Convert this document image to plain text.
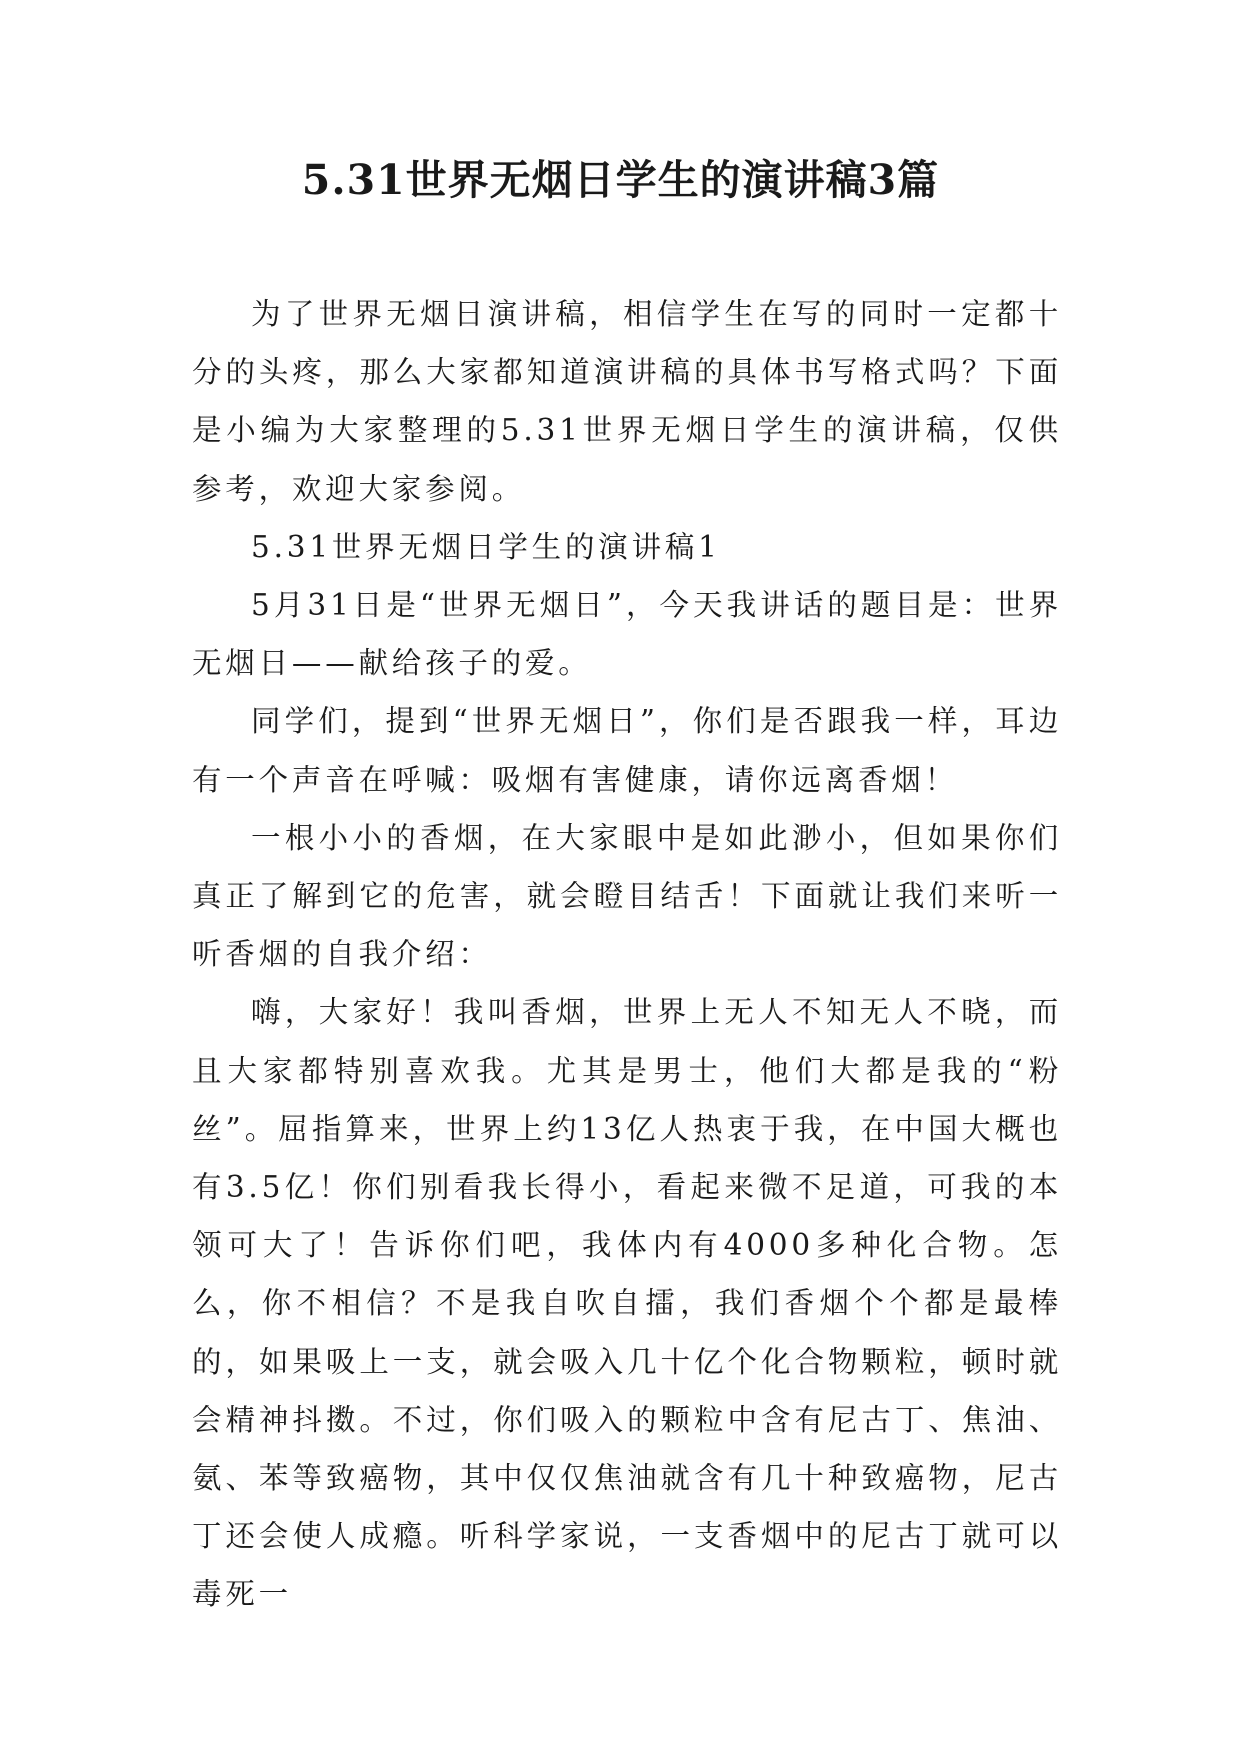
5.31世界无烟日学生的演讲稿3篇

为了世界无烟日演讲稿，相信学生在写的同时一定都十分的头疼，那么大家都知道演讲稿的具体书写格式吗？下面是小编为大家整理的5.31世界无烟日学生的演讲稿，仅供参考，欢迎大家参阅。

5.31世界无烟日学生的演讲稿1

5月31日是“世界无烟日”，今天我讲话的题目是：世界无烟日——献给孩子的爱。

同学们，提到“世界无烟日”，你们是否跟我一样，耳边有一个声音在呼喊：吸烟有害健康，请你远离香烟！

一根小小的香烟，在大家眼中是如此渺小，但如果你们真正了解到它的危害，就会瞪目结舌！下面就让我们来听一听香烟的自我介绍：

嗨，大家好！我叫香烟，世界上无人不知无人不晓，而且大家都特别喜欢我。尤其是男士，他们大都是我的“粉丝”。屈指算来，世界上约13亿人热衷于我，在中国大概也有3.5亿！你们别看我长得小，看起来微不足道，可我的本领可大了！告诉你们吧，我体内有4000多种化合物。怎么，你不相信？不是我自吹自擂，我们香烟个个都是最棒的，如果吸上一支，就会吸入几十亿个化合物颗粒，顿时就会精神抖擞。不过，你们吸入的颗粒中含有尼古丁、焦油、氨、苯等致癌物，其中仅仅焦油就含有几十种致癌物，尼古丁还会使人成瘾。听科学家说，一支香烟中的尼古丁就可以毒死一
